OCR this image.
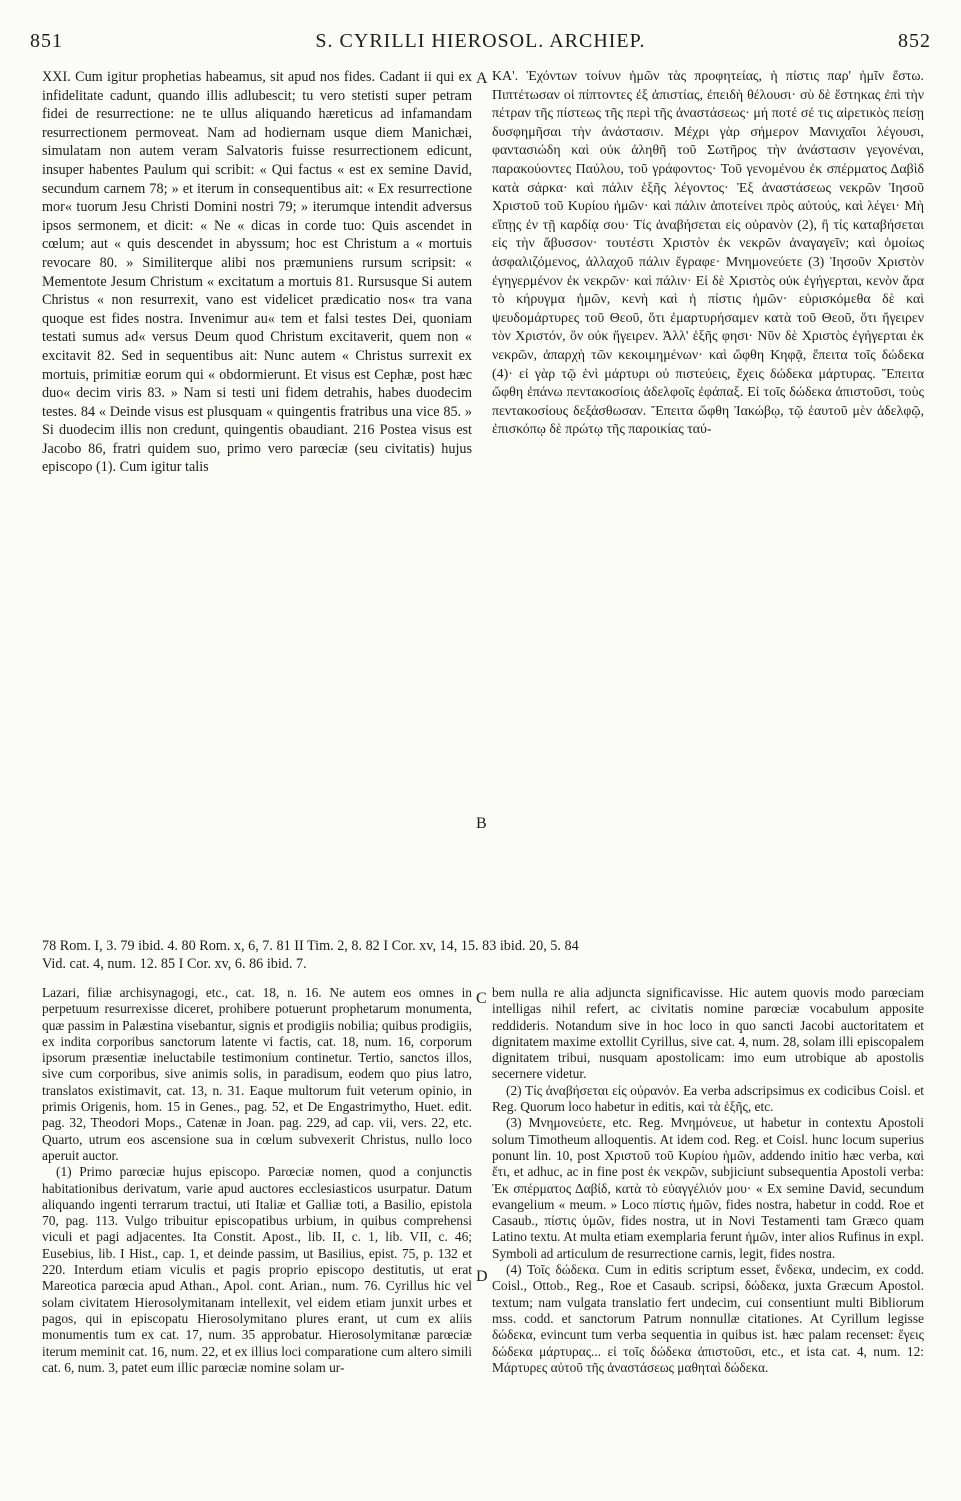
851	S. CYRILLI HIEROSOL. ARCHIEP.	852
A
B
C
D

XXI. Cum igitur prophetias habeamus, sit apud nos fides. Cadant ii qui ex infidelitate cadunt, quando illis adlubescit; tu vero stetisti super petram fidei de resurrectione: ne te ullus aliquando hæreticus ad infamandam resurrectionem permoveat. Nam ad hodiernam usque diem Manichæi, simulatam non autem veram Salvatoris fuisse resurrectionem edicunt, insuper habentes Paulum qui scribit: « Qui factus « est ex semine David, secundum carnem 78; » et iterum in consequentibus ait: « Ex resurrectione mor« tuorum Jesu Christi Domini nostri 79; » iterumque intendit adversus ipsos sermonem, et dicit: « Ne « dicas in corde tuo: Quis ascendet in cœlum; aut « quis descendet in abyssum; hoc est Christum a « mortuis revocare 80. » Similiterque alibi nos præmuniens rursum scripsit: « Mementote Jesum Christum « excitatum a mortuis 81. Rursusque Si autem Christus « non resurrexit, vano est videlicet prædicatio nos« tra vana quoque est fides nostra. Invenimur au« tem et falsi testes Dei, quoniam testati sumus ad« versus Deum quod Christum excitaverit, quem non « excitavit 82. Sed in sequentibus ait: Nunc autem « Christus surrexit ex mortuis, primitiæ eorum qui « obdormierunt. Et visus est Cephæ, post hæc duo« decim viris 83. » Nam si testi uni fidem detrahis, habes duodecim testes. 84 « Deinde visus est plusquam « quingentis fratribus una vice 85. » Si duodecim illis non credunt, quingentis obaudiant. 216 Postea visus est Jacobo 86, fratri quidem suo, primo vero parœciæ (seu civitatis) hujus episcopo (1). Cum igitur talis

ΚΑ'. Ἐχόντων τοίνυν ἡμῶν τὰς προφητείας, ἡ πίστις παρ' ἡμῖν ἔστω. Πιπτέτωσαν οἱ πίπτοντες ἐξ ἀπιστίας, ἐπειδὴ θέλουσι· σὺ δὲ ἕστηκας ἐπὶ τὴν πέτραν τῆς πίστεως τῆς περὶ τῆς ἀναστάσεως· μή ποτέ σέ τις αἱρετικὸς πείσῃ δυσφημῆσαι τὴν ἀνάστασιν. Μέχρι γὰρ σήμερον Μανιχαῖοι λέγουσι, φαντασιώδη καὶ οὐκ ἀληθῆ τοῦ Σωτῆρος τὴν ἀνάστασιν γεγονέναι, παρακούοντες Παύλου, τοῦ γράφοντος· Τοῦ γενομένου ἐκ σπέρματος Δαβὶδ κατὰ σάρκα· καὶ πάλιν ἑξῆς λέγοντος· Ἐξ ἀναστάσεως νεκρῶν Ἰησοῦ Χριστοῦ τοῦ Κυρίου ἡμῶν· καὶ πάλιν ἀποτείνει πρὸς αὐτούς, καὶ λέγει· Μὴ εἴπῃς ἐν τῇ καρδίᾳ σου· Τίς ἀναβήσεται εἰς οὐρανὸν (2), ἢ τίς καταβήσεται εἰς τὴν ἄβυσσον· τουτέστι Χριστὸν ἐκ νεκρῶν ἀναγαγεῖν; καὶ ὁμοίως ἀσφαλιζόμενος, ἀλλαχοῦ πάλιν ἔγραφε· Μνημονεύετε (3) Ἰησοῦν Χριστὸν ἐγηγερμένον ἐκ νεκρῶν· καὶ πάλιν· Εἰ δὲ Χριστὸς οὐκ ἐγήγερται, κενὸν ἄρα τὸ κήρυγμα ἡμῶν, κενὴ καὶ ἡ πίστις ἡμῶν· εὑρισκόμεθα δὲ καὶ ψευδομάρτυρες τοῦ Θεοῦ, ὅτι ἐμαρτυρήσαμεν κατὰ τοῦ Θεοῦ, ὅτι ἤγειρεν τὸν Χριστόν, ὃν οὐκ ἤγειρεν. Ἀλλ' ἑξῆς φησι· Νῦν δὲ Χριστὸς ἐγήγερται ἐκ νεκρῶν, ἀπαρχὴ τῶν κεκοιμημένων· καὶ ὤφθη Κηφᾷ, ἔπειτα τοῖς δώδεκα (4)· εἰ γὰρ τῷ ἑνὶ μάρτυρι οὐ πιστεύεις, ἔχεις δώδεκα μάρτυρας. Ἔπειτα ὤφθη ἐπάνω πεντακοσίοις ἀδελφοῖς ἐφάπαξ. Εἰ τοῖς δώδεκα ἀπιστοῦσι, τοὺς πεντακοσίους δεξάσθωσαν. Ἔπειτα ὤφθη Ἰακώβῳ, τῷ ἑαυτοῦ μὲν ἀδελφῷ, ἐπισκόπῳ δὲ πρώτῳ τῆς παροικίας ταύ-

78 Rom. I, 3. 79 ibid. 4. 80 Rom. x, 6, 7. 81 II Tim. 2, 8. 82 I Cor. xv, 14, 15. 83 ibid. 20, 5. 84

Vid. cat. 4, num. 12. 85 I Cor. xv, 6. 86 ibid. 7.

Lazari, filiæ archisynagogi, etc., cat. 18, n. 16. Ne autem eos omnes in perpetuum resurrexisse diceret, prohibere potuerunt prophetarum monumenta, quæ passim in Palæstina visebantur, signis et prodigiis nobilia; quibus prodigiis, ex indita corporibus sanctorum latente vi factis, cat. 18, num. 16, corporum ipsorum præsentiæ ineluctabile testimonium continetur. Tertio, sanctos illos, sive cum corporibus, sive animis solis, in paradisum, eodem quo pius latro, translatos existimavit, cat. 13, n. 31. Eaque multorum fuit veterum opinio, in primis Origenis, hom. 15 in Genes., pag. 52, et De Engastrimytho, Huet. edit. pag. 32, Theodori Mops., Catenæ in Joan. pag. 229, ad cap. vii, vers. 22, etc. Quarto, utrum eos ascensione sua in cœlum subvexerit Christus, nullo loco aperuit auctor.

(1) Primo parœciæ hujus episcopo. Parœciæ nomen, quod a conjunctis habitationibus derivatum, varie apud auctores ecclesiasticos usurpatur. Datum aliquando ingenti terrarum tractui, uti Italiæ et Galliæ toti, a Basilio, epistola 70, pag. 113. Vulgo tribuitur episcopatibus urbium, in quibus comprehensi viculi et pagi adjacentes. Ita Constit. Apost., lib. II, c. 1, lib. VII, c. 46; Eusebius, lib. I Hist., cap. 1, et deinde passim, ut Basilius, epist. 75, p. 132 et 220. Interdum etiam viculis et pagis proprio episcopo destitutis, ut erat Mareotica parœcia apud Athan., Apol. cont. Arian., num. 76. Cyrillus hic vel solam civitatem Hierosolymitanam intellexit, vel eidem etiam junxit urbes et pagos, qui in episcopatu Hierosolymitano plures erant, ut cum ex aliis monumentis tum ex cat. 17, num. 35 approbatur. Hierosolymitanæ parœciæ iterum meminit cat. 16, num. 22, et ex illius loci comparatione cum altero simili cat. 6, num. 3, patet eum illic parœciæ nomine solam ur-

bem nulla re alia adjuncta significavisse. Hic autem quovis modo parœciam intelligas nihil refert, ac civitatis nomine parœciæ vocabulum apposite reddideris. Notandum sive in hoc loco in quo sancti Jacobi auctoritatem et dignitatem maxime extollit Cyrillus, sive cat. 4, num. 28, solam illi episcopalem dignitatem tribui, nusquam apostolicam: imo eum utrobique ab apostolis secernere videtur.

(2) Τίς ἀναβήσεται εἰς οὐρανόν. Ea verba adscripsimus ex codicibus Coisl. et Reg. Quorum loco habetur in editis, καὶ τὰ ἑξῆς, etc.

(3) Μνημονεύετε, etc. Reg. Μνημόνευε, ut habetur in contextu Apostoli solum Timotheum alloquentis. At idem cod. Reg. et Coisl. hunc locum superius ponunt lin. 10, post Χριστοῦ τοῦ Κυρίου ἡμῶν, addendo initio hæc verba, καὶ ἔτι, et adhuc, ac in fine post ἐκ νεκρῶν, subjiciunt subsequentia Apostoli verba: Ἐκ σπέρματος Δαβίδ, κατὰ τὸ εὐαγγέλιόν μου· « Ex semine David, secundum evangelium « meum. » Loco πίστις ἡμῶν, fides nostra, habetur in codd. Roe et Casaub., πίστις ὑμῶν, fides nostra, ut in Novi Testamenti tam Græco quam Latino textu. At multa etiam exemplaria ferunt ἡμῶν, inter alios Rufinus in expl. Symboli ad articulum de resurrectione carnis, legit, fides nostra.

(4) Τοῖς δώδεκα. Cum in editis scriptum esset, ἕνδεκα, undecim, ex codd. Coisl., Ottob., Reg., Roe et Casaub. scripsi, δώδεκα, juxta Græcum Apostol. textum; nam vulgata translatio fert undecim, cui consentiunt multi Bibliorum mss. codd. et sanctorum Patrum nonnullæ citationes. At Cyrillum legisse δώδεκα, evincunt tum verba sequentia in quibus ist. hæc palam recenset: ἔγεις δώδεκα μάρτυρας... εἰ τοῖς δώδεκα ἀπιστοῦσι, etc., et ista cat. 4, num. 12: Μάρτυρες αὐτοῦ τῆς ἀναστάσεως μαθηταὶ δώδεκα.
